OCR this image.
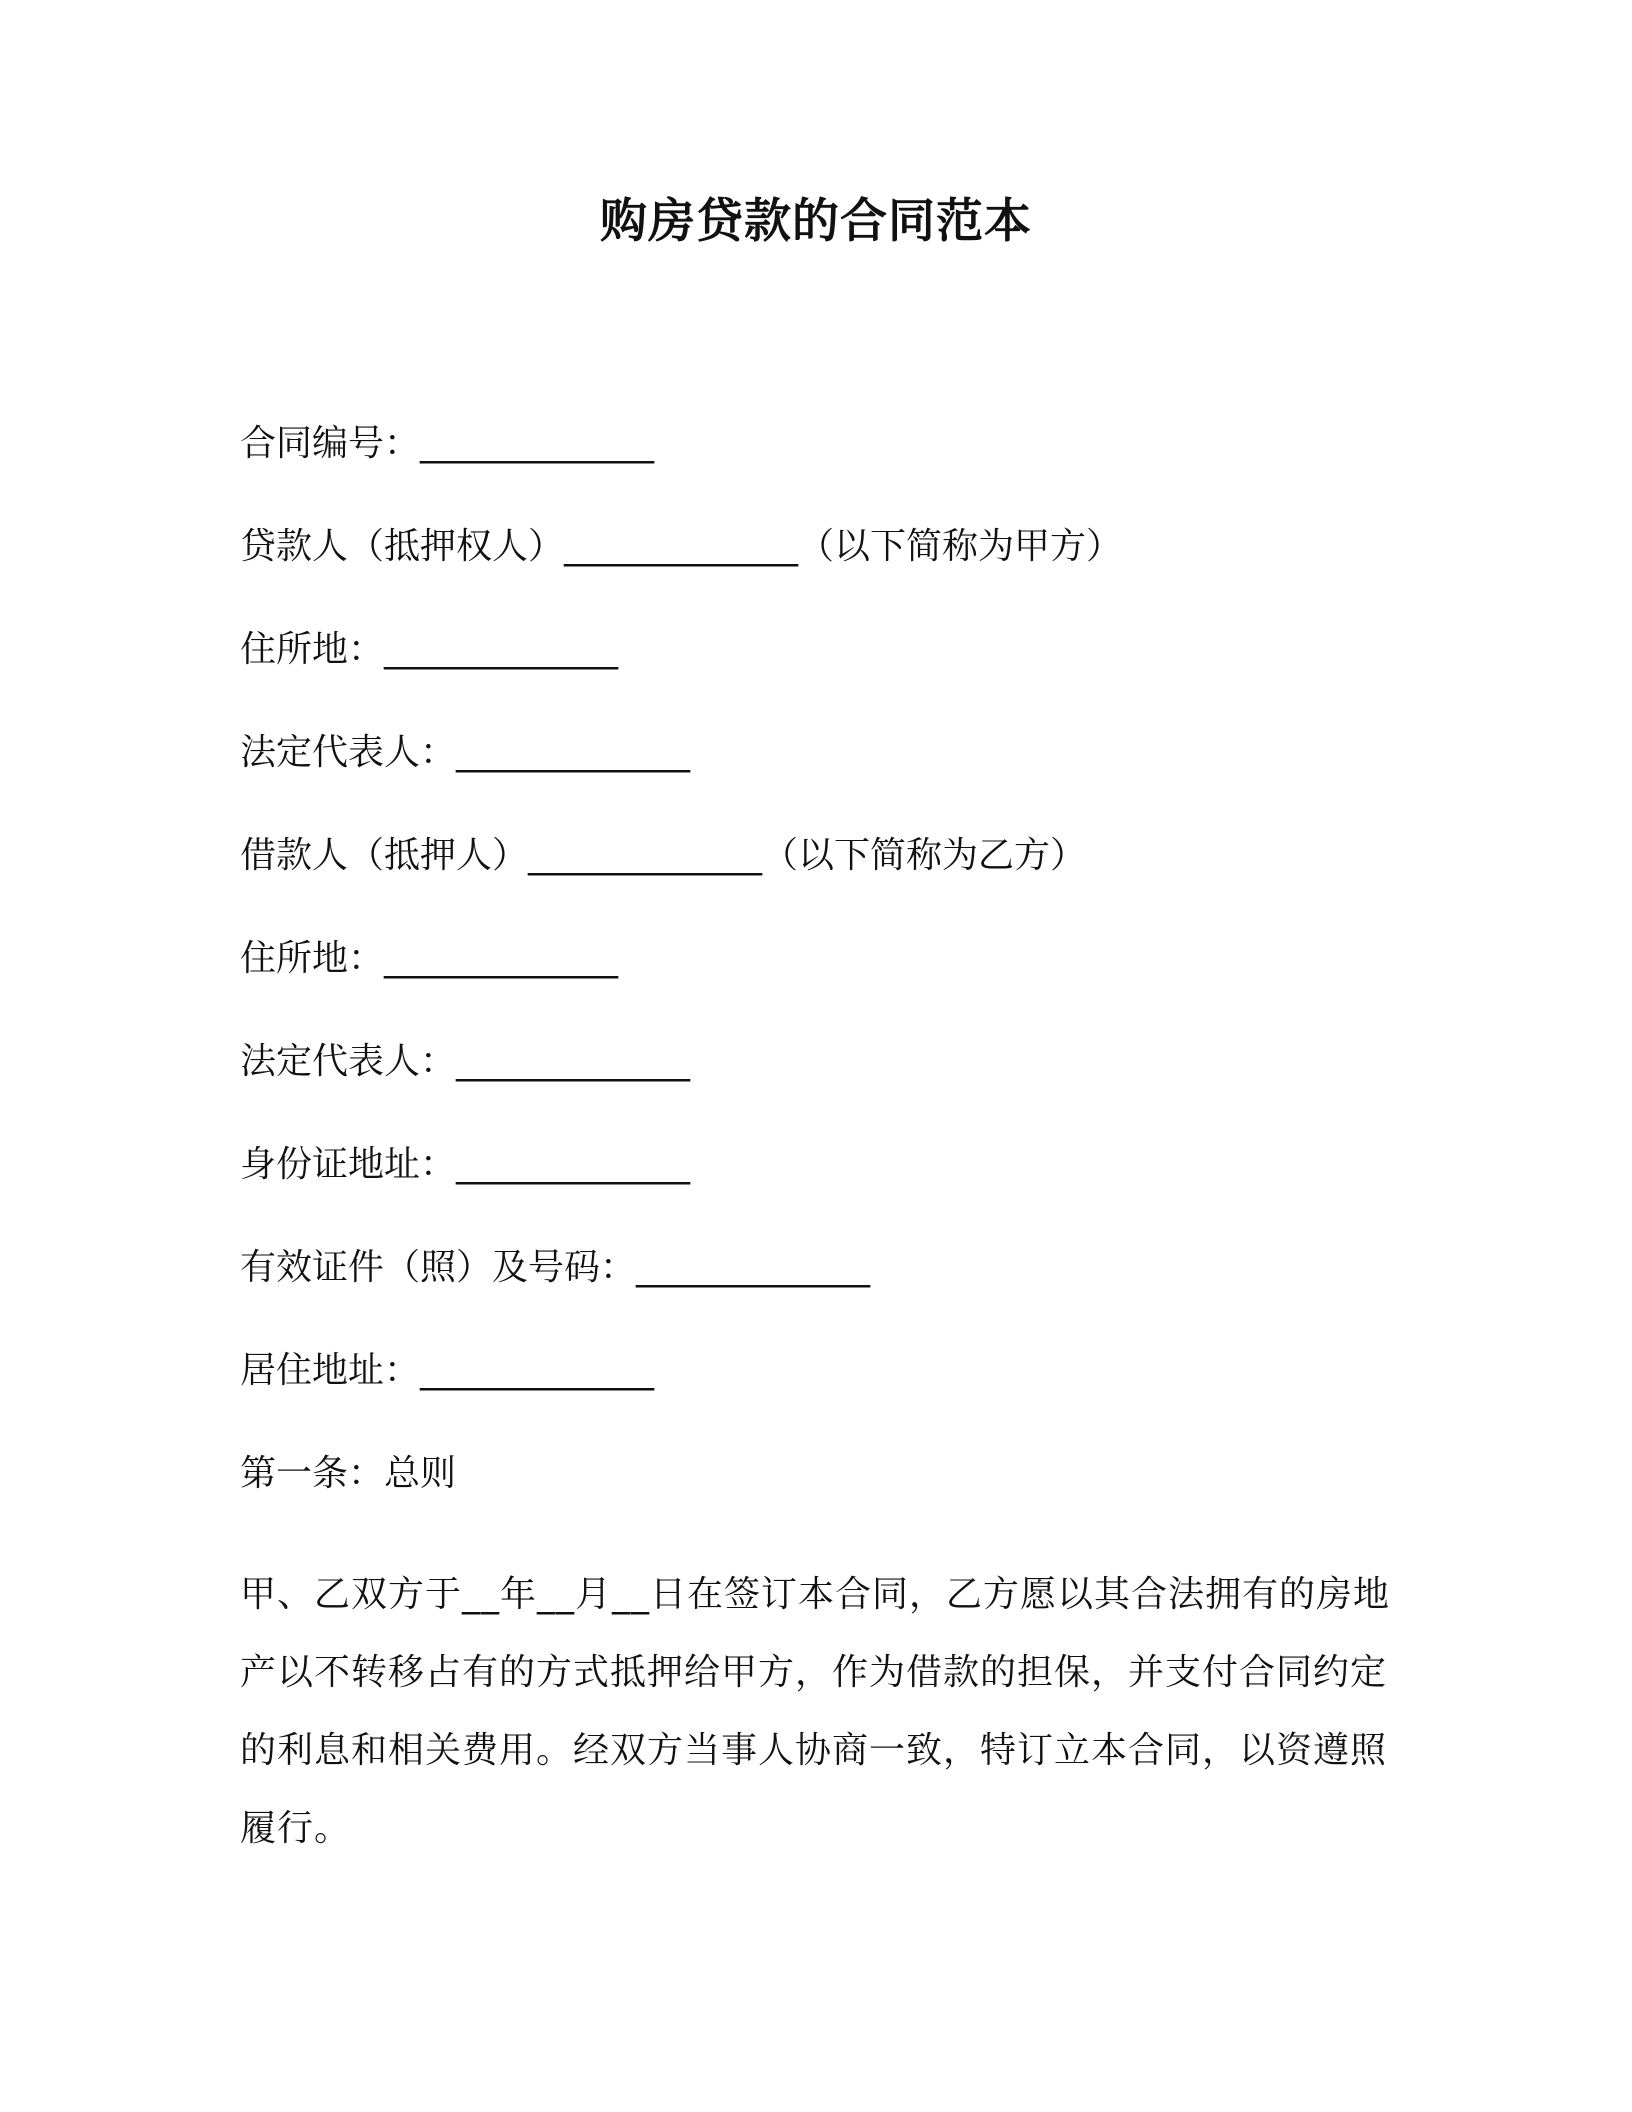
购房贷款的合同范本
合同编号：_____________
贷款人（抵押权人）_____________（以下简称为甲方）
住所地：_____________
法定代表人：_____________
借款人（抵押人）_____________（以下简称为乙方）
住所地：_____________
法定代表人：_____________
身份证地址：_____________
有效证件（照）及号码：_____________
居住地址：_____________
第一条：总则
甲、乙双方于__年__月__日在签订本合同，乙方愿以其合法拥有的房地产以不转移占有的方式抵押给甲方，作为借款的担保，并支付合同约定的利息和相关费用。经双方当事人协商一致，特订立本合同，以资遵照履行。
